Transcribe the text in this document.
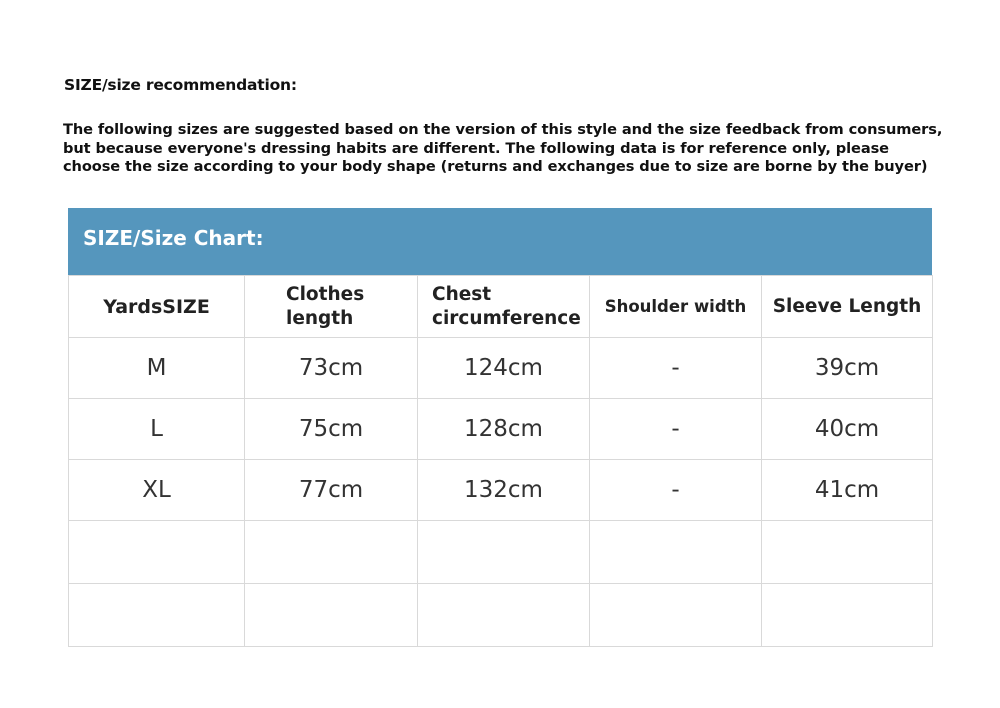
SIZE/size recommendation:
The following sizes are suggested based on the version of this style and the size feedback from consumers,
but because everyone's dressing habits are different. The following data is for reference only, please
choose the size according to your body shape (returns and exchanges due to size are borne by the buyer)
SIZE/Size Chart:
YardsSIZE	Clothes length	Chest circumference	Shoulder width	Sleeve Length
M	73cm	124cm	-	39cm
L	75cm	128cm	-	40cm
XL	77cm	132cm	-	41cm
